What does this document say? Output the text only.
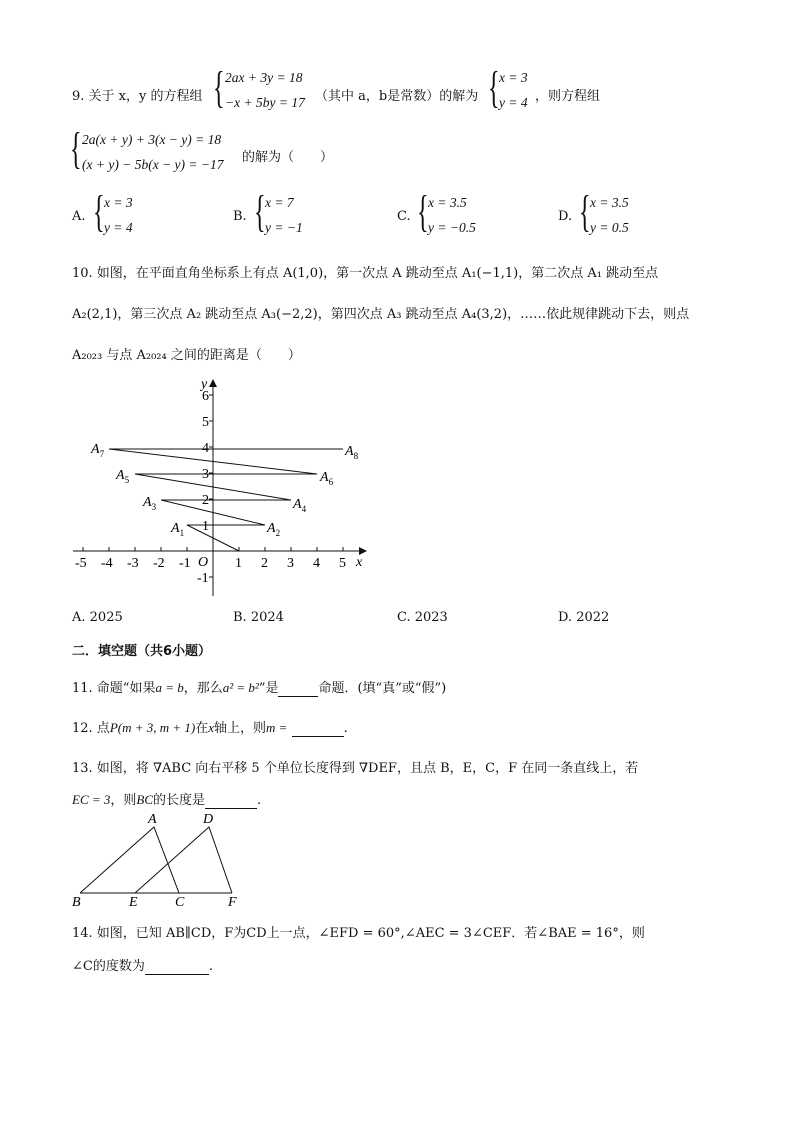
9. 关于 x，y 的方程组 { 2ax + 3y = 18
−x + 5by = 17 （其中 a，b是常数）的解为 { x = 3
y = 4 ，则方程组
{ 2a(x + y) + 3(x − y) = 18
(x + y) − 5b(x − y) = −17 的解为（　　）
A. { x = 3
y = 4
B. { x = 7
y = −1
C. { x = 3.5
y = −0.5
D. { x = 3.5
y = 0.5
10. 如图，在平面直角坐标系上有点 A(1,0)，第一次点 A 跳动至点 A₁(−1,1)，第二次点 A₁ 跳动至点
A₂(2,1)，第三次点 A₂ 跳动至点 A₃(−2,2)，第四次点 A₃ 跳动至点 A₄(3,2)，……依此规律跳动下去，则点
A₂₀₂₃ 与点 A₂₀₂₄ 之间的距离是（　　）
-5 -4 -3 -2 -1	1 2 3 4 5
-1
1
2
3
4
5
6
x
y
O
$A_1$	$A_2$
$A_3$	$A_4$
$A_5$	$A_6$
$A_7$	$A_8$
A. 2025	B. 2024	C. 2023	D. 2022
二．填空题（共6小题）
11. 命题“如果a = b，那么a² = b²”是	命题．(填“真”或“假”)
12. 点P(m + 3, m + 1)在x轴上，则m =	.
13. 如图，将 ∇ABC 向右平移 5 个单位长度得到 ∇DEF，且点 B，E，C，F 在同一条直线上，若
EC = 3，则BC的长度是	.
A	D
B	E	C	F
14. 如图，已知 AB∥CD，F为CD上一点，∠EFD = 60°,∠AEC = 3∠CEF．若∠BAE = 16°，则
∠C的度数为	.
